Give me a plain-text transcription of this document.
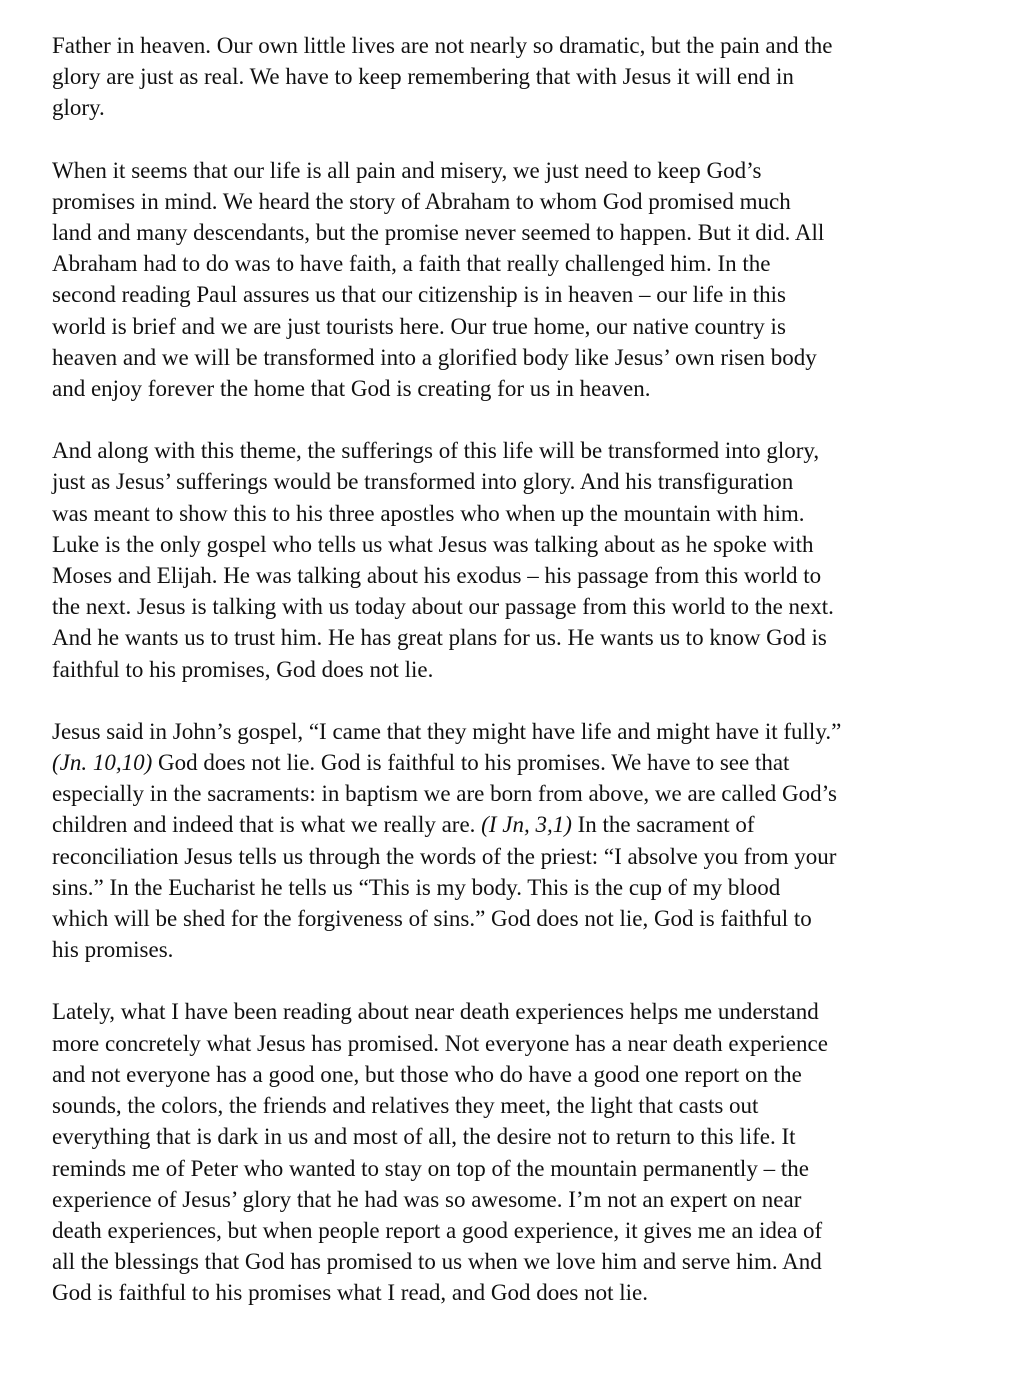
Father in heaven. Our own little lives are not nearly so dramatic, but the pain and the
glory are just as real. We have to keep remembering that with Jesus it will end in
glory.

When it seems that our life is all pain and misery, we just need to keep God’s
promises in mind. We heard the story of Abraham to whom God promised much
land and many descendants, but the promise never seemed to happen. But it did. All
Abraham had to do was to have faith, a faith that really challenged him. In the
second reading Paul assures us that our citizenship is in heaven – our life in this
world is brief and we are just tourists here. Our true home, our native country is
heaven and we will be transformed into a glorified body like Jesus’ own risen body
and enjoy forever the home that God is creating for us in heaven.

And along with this theme, the sufferings of this life will be transformed into glory,
just as Jesus’ sufferings would be transformed into glory. And his transfiguration
was meant to show this to his three apostles who when up the mountain with him.
Luke is the only gospel who tells us what Jesus was talking about as he spoke with
Moses and Elijah. He was talking about his exodus – his passage from this world to
the next. Jesus is talking with us today about our passage from this world to the next.
And he wants us to trust him. He has great plans for us. He wants us to know God is
faithful to his promises, God does not lie.

Jesus said in John’s gospel, “I came that they might have life and might have it fully.”
(Jn. 10,10) God does not lie. God is faithful to his promises. We have to see that
especially in the sacraments: in baptism we are born from above, we are called God’s
children and indeed that is what we really are. (I Jn, 3,1) In the sacrament of
reconciliation Jesus tells us through the words of the priest: “I absolve you from your
sins.” In the Eucharist he tells us “This is my body. This is the cup of my blood
which will be shed for the forgiveness of sins.” God does not lie, God is faithful to
his promises.

Lately, what I have been reading about near death experiences helps me understand
more concretely what Jesus has promised. Not everyone has a near death experience
and not everyone has a good one, but those who do have a good one report on the
sounds, the colors, the friends and relatives they meet, the light that casts out
everything that is dark in us and most of all, the desire not to return to this life. It
reminds me of Peter who wanted to stay on top of the mountain permanently – the
experience of Jesus’ glory that he had was so awesome. I’m not an expert on near
death experiences, but when people report a good experience, it gives me an idea of
all the blessings that God has promised to us when we love him and serve him. And
God is faithful to his promises what I read, and God does not lie.
